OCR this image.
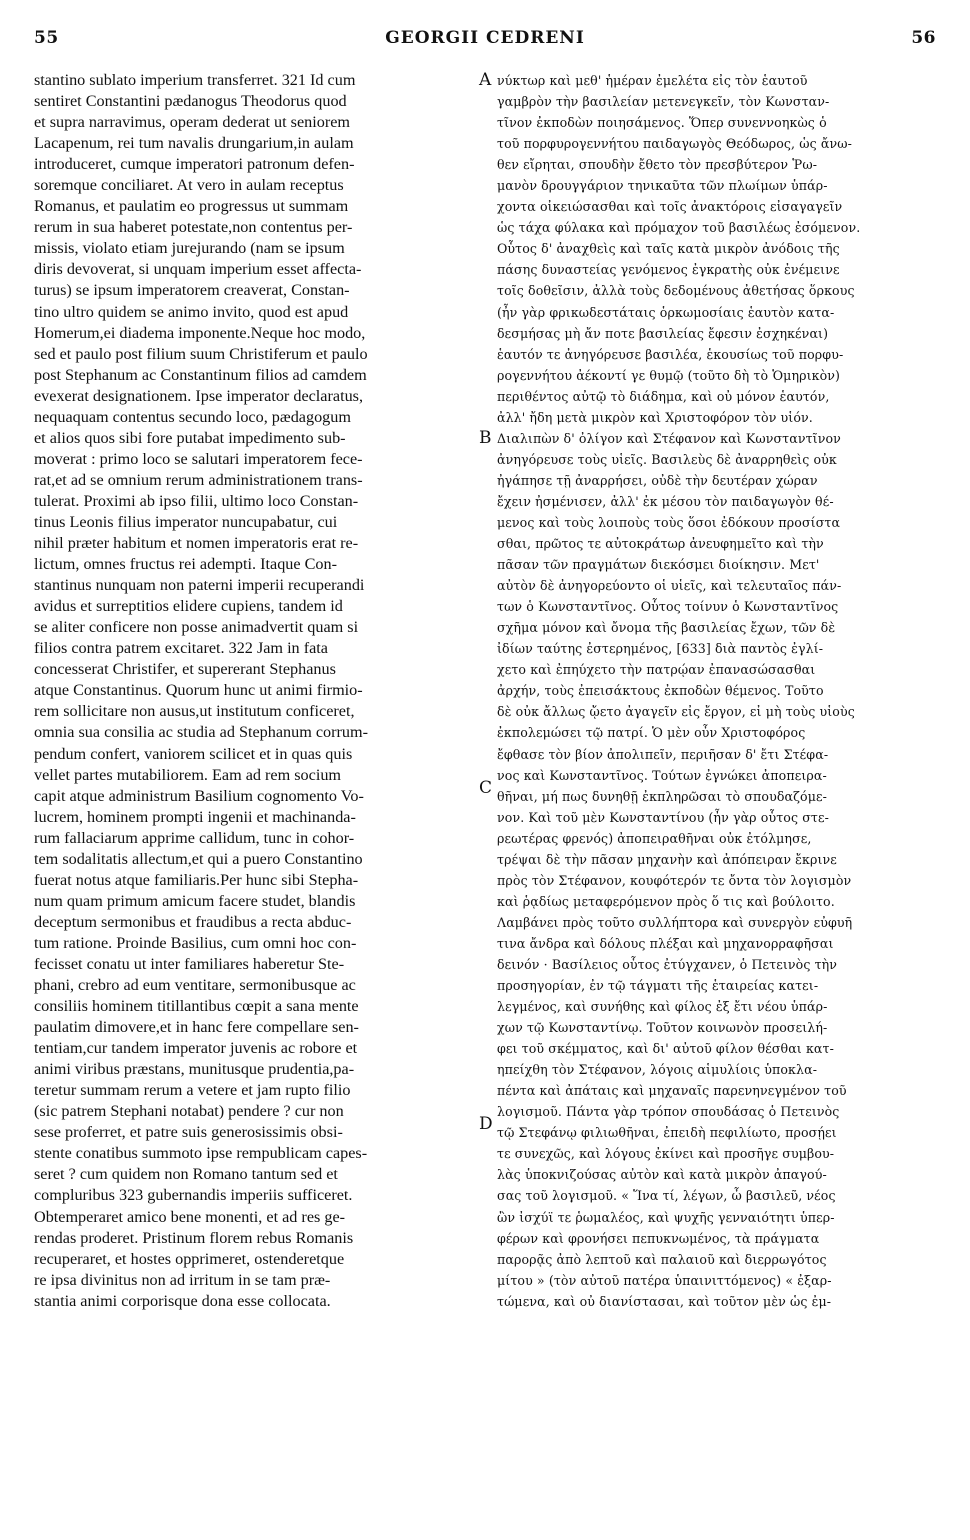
55	GEORGII CEDRENI	56
stantino sublato imperium transferret. 321 Id cum
sentiret Constantini pædanogus Theodorus quod
et supra narravimus, operam dederat ut seniorem
Lacapenum, rei tum navalis drungarium,in aulam
introduceret, cumque imperatori patronum defen-
soremque conciliaret. At vero in aulam receptus
Romanus, et paulatim eo progressus ut summam
rerum in sua haberet potestate,non contentus per-
missis, violato etiam jurejurando (nam se ipsum
diris devoverat, si unquam imperium esset affecta-
turus) se ipsum imperatorem creaverat, Constan-
tino ultro quidem se animo invito, quod est apud
Homerum,ei diadema imponente.Neque hoc modo,
sed et paulo post filium suum Christiferum et paulo
post Stephanum ac Constantinum filios ad camdem
evexerat designationem. Ipse imperator declaratus,
nequaquam contentus secundo loco, pædagogum
et alios quos sibi fore putabat impedimento sub-
moverat : primo loco se salutari imperatorem fece-
rat,et ad se omnium rerum administrationem trans-
tulerat. Proximi ab ipso filii, ultimo loco Constan-
tinus Leonis filius imperator nuncupabatur, cui
nihil præter habitum et nomen imperatoris erat re-
lictum, omnes fructus rei adempti. Itaque Con-
stantinus nunquam non paterni imperii recuperandi
avidus et surreptitios elidere cupiens, tandem id
se aliter conficere non posse animadvertit quam si
filios contra patrem excitaret. 322 Jam in fata
concesserat Christifer, et supererant Stephanus
atque Constantinus. Quorum hunc ut animi firmio-
rem sollicitare non ausus,ut institutum conficeret,
omnia sua consilia ac studia ad Stephanum corrum-
pendum confert, vaniorem scilicet et in quas quis
vellet partes mutabiliorem. Eam ad rem socium
capit atque administrum Basilium cognomento Vo-
lucrem, hominem prompti ingenii et machinanda-
rum fallaciarum apprime callidum, tunc in cohor-
tem sodalitatis allectum,et qui a puero Constantino
fuerat notus atque familiaris.Per hunc sibi Stepha-
num quam primum amicum facere studet, blandis
deceptum sermonibus et fraudibus a recta abduc-
tum ratione. Proinde Basilius, cum omni hoc con-
fecisset conatu ut inter familiares haberetur Ste-
phani, crebro ad eum ventitare, sermonibusque ac
consiliis hominem titillantibus cœpit a sana mente
paulatim dimovere,et in hanc fere compellare sen-
tentiam,cur tandem imperator juvenis ac robore et
animi viribus præstans, munitusque prudentia,pa-
teretur summam rerum a vetere et jam rupto filio
(sic patrem Stephani notabat) pendere ? cur non
sese proferret, et patre suis generosissimis obsi-
stente conatibus summoto ipse rempublicam capes-
seret ? cum quidem non Romano tantum sed et
compluribus 323 gubernandis imperiis sufficeret.
Obtemperaret amico bene monenti, et ad res ge-
rendas proderet. Pristinum florem rebus Romanis
recuperaret, et hostes opprimeret, ostenderetque
re ipsa divinitus non ad irritum in se tam præ-
stantia animi corporisque dona esse collocata.
νύκτωρ καὶ μεθ' ἡμέραν ἐμελέτα εἰς τὸν ἑαυτοῦ
γαμβρὸν τὴν βασιλείαν μετενεγκεῖν, τὸν Κωνσταν-
τῖνον ἐκποδὼν ποιησάμενος. Ὅπερ συνεννοηκὼς ὁ
τοῦ πορφυρογεννήτου παιδαγωγὸς Θεόδωρος, ὡς ἄνω-
θεν εἴρηται, σπουδὴν ἔθετο τὸν πρεσβύτερον Ῥω-
μανὸν δρουγγάριον τηνικαῦτα τῶν πλωίμων ὑπάρ-
χοντα οἰκειώσασθαι καὶ τοῖς ἀνακτόροις εἰσαγαγεῖν
ὡς τάχα φύλακα καὶ πρόμαχον τοῦ βασιλέως ἐσόμενον.
Οὗτος δ' ἀναχθεὶς καὶ ταῖς κατὰ μικρὸν ἀνόδοις τῆς
πάσης δυναστείας γενόμενος ἐγκρατὴς οὐκ ἐνέμεινε
τοῖς δοθεῖσιν, ἀλλὰ τοὺς δεδομένους ἀθετήσας ὅρκους
(ἦν γὰρ φρικωδεστάταις ὁρκωμοσίαις ἑαυτὸν κατα-
δεσμήσας μὴ ἄν ποτε βασιλείας ἔφεσιν ἐσχηκέναι)
ἑαυτόν τε ἀνηγόρευσε βασιλέα, ἑκουσίως τοῦ πορφυ-
ρογεννήτου ἀέκοντί γε θυμῷ (τοῦτο δὴ τὸ Ὁμηρικὸν)
περιθέντος αὐτῷ τὸ διάδημα, καὶ οὐ μόνον ἑαυτόν,
ἀλλ' ἤδη μετὰ μικρὸν καὶ Χριστοφόρον τὸν υἱόν.
Διαλιπὼν δ' ὀλίγον καὶ Στέφανον καὶ Κωνσταντῖνον
ἀνηγόρευσε τοὺς υἱεῖς. Βασιλεὺς δὲ ἀναρρηθεὶς οὐκ
ἠγάπησε τῇ ἀναρρήσει, οὐδὲ τὴν δευτέραν χώραν
ἔχειν ἠσμένισεν, ἀλλ' ἐκ μέσου τὸν παιδαγωγὸν θέ-
μενος καὶ τοὺς λοιποὺς τοὺς ὅσοι ἐδόκουν προσίστα
σθαι, πρῶτος τε αὐτοκράτωρ ἀνευφημεῖτο καὶ τὴν
πᾶσαν τῶν πραγμάτων διεκόσμει διοίκησιν. Μετ'
αὐτὸν δὲ ἀνηγορεύοντο οἱ υἱεῖς, καὶ τελευταῖος πάν-
των ὁ Κωνσταντῖνος. Οὗτος τοίνυν ὁ Κωνσταντῖνος
σχῆμα μόνον καὶ ὄνομα τῆς βασιλείας ἔχων, τῶν δὲ
ἰδίων ταύτης ἐστερημένος, [633] διὰ παντὸς ἐγλί-
χετο καὶ ἐπηύχετο τὴν πατρῴαν ἐπανασώσασθαι
ἀρχήν, τοὺς ἐπεισάκτους ἐκποδὼν θέμενος. Τοῦτο
δὲ οὐκ ἄλλως ᾤετο ἀγαγεῖν εἰς ἔργον, εἰ μὴ τοὺς υἱοὺς
ἐκπολεμώσει τῷ πατρί. Ὁ μὲν οὖν Χριστοφόρος
ἔφθασε τὸν βίον ἀπολιπεῖν, περιῆσαν δ' ἔτι Στέφα-
νος καὶ Κωνσταντῖνος. Τούτων ἐγνώκει ἀποπειρα-
θῆναι, μή πως δυνηθῇ ἐκπληρῶσαι τὸ σπουδαζόμε-
νον. Καὶ τοῦ μὲν Κωνσταντίνου (ἦν γὰρ οὗτος στε-
ρεωτέρας φρενός) ἀποπειραθῆναι οὐκ ἐτόλμησε,
τρέψαι δὲ τὴν πᾶσαν μηχανὴν καὶ ἀπόπειραν ἔκρινε
πρὸς τὸν Στέφανον, κουφότερόν τε ὄντα τὸν λογισμὸν
καὶ ῥᾳδίως μεταφερόμενον πρὸς ὅ τις καὶ βούλοιτο.
Λαμβάνει πρὸς τοῦτο συλλήπτορα καὶ συνεργὸν εὐφυῆ
τινα ἄνδρα καὶ δόλους πλέξαι καὶ μηχανορραφῆσαι
δεινόν · Βασίλειος οὗτος ἐτύγχανεν, ὁ Πετεινὸς τὴν
προσηγορίαν, ἐν τῷ τάγματι τῆς ἑταιρείας κατει-
λεγμένος, καὶ συνήθης καὶ φίλος ἐξ ἔτι νέου ὑπάρ-
χων τῷ Κωνσταντίνῳ. Τοῦτον κοινωνὸν προσειλή-
φει τοῦ σκέμματος, καὶ δι' αὐτοῦ φίλον θέσθαι κατ-
ηπείχθη τὸν Στέφανον, λόγοις αἱμυλίοις ὑποκλα-
πέντα καὶ ἀπάταις καὶ μηχαναῖς παρενηνεγμένον τοῦ
λογισμοῦ. Πάντα γὰρ τρόπον σπουδάσας ὁ Πετεινὸς
τῷ Στεφάνῳ φιλιωθῆναι, ἐπειδὴ πεφιλίωτο, προσῄει
τε συνεχῶς, καὶ λόγους ἐκίνει καὶ προσῆγε συμβου-
λὰς ὑποκνιζούσας αὐτὸν καὶ κατὰ μικρὸν ἀπαγού-
σας τοῦ λογισμοῦ. « Ἵνα τί, λέγων, ὦ βασιλεῦ, νέος
ὢν ἰσχύϊ τε ῥωμαλέος, καὶ ψυχῆς γενναιότητι ὑπερ-
φέρων καὶ φρονήσει πεπυκνωμένος, τὰ πράγματα
παρορᾷς ἀπὸ λεπτοῦ καὶ παλαιοῦ καὶ διερρωγότος
μίτου » (τὸν αὐτοῦ πατέρα ὑπαινιττόμενος) « ἐξαρ-
τώμενα, καὶ οὐ διανίστασαι, καὶ τοῦτον μὲν ὡς ἐμ-
A
B
C
D
